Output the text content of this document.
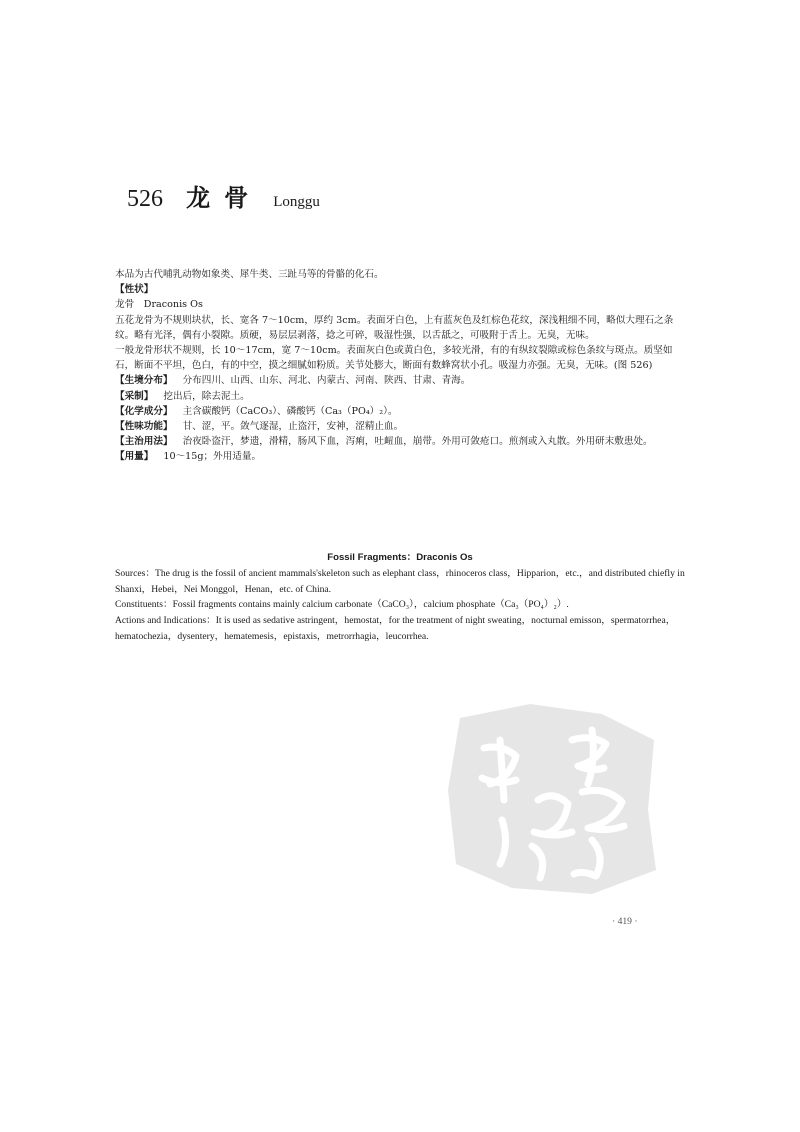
526 龙骨 Longgu

本品为古代哺乳动物如象类、犀牛类、三趾马等的骨骼的化石。

【性状】

龙骨　Draconis Os

五花龙骨为不规则块状，长、宽各 7～10cm，厚约 3cm。表面牙白色，上有蓝灰色及红棕色花纹，深浅粗细不同，略似大理石之条纹。略有光泽，偶有小裂隙。质硬，易层层剥落，捻之可碎，吸湿性强，以舌舐之，可吸附于舌上。无臭，无味。

一般龙骨形状不规则，长 10～17cm，宽 7～10cm。表面灰白色或黄白色，多较光滑，有的有纵纹裂隙或棕色条纹与斑点。质坚如石，断面不平坦，色白，有的中空，摸之细腻如粉质。关节处膨大，断面有数蜂窝状小孔。吸湿力亦强。无臭，无味。(图 526)

【生境分布】 分布四川、山西、山东、河北、内蒙古、河南、陕西、甘肃、青海。

【采制】 挖出后，除去泥土。

【化学成分】 主含碳酸钙（CaCO₃）、磷酸钙（Ca₃（PO₄）₂）。

【性味功能】 甘、涩，平。敛气逐湿，止盗汗，安神，涩精止血。

【主治用法】 治夜卧盗汗，梦遗，滑精，肠风下血，泻痢，吐衄血，崩带。外用可敛疮口。煎剂或入丸散。外用研末敷患处。

【用量】 10～15g；外用适量。

Fossil Fragments：Draconis Os

Sources：The drug is the fossil of ancient mammals'skeleton such as elephant class，rhinoceros class，Hipparion，etc.，and distributed chiefly in Shanxi，Hebei，Nei Monggol，Henan，etc. of China.

Constituents：Fossil fragments contains mainly calcium carbonate（CaCO₃），calcium phosphate（Ca₃（PO₄）₂）.

Actions and Indications：It is used as sedative astringent，hemostat，for the treatment of night sweating，nocturnal emisson，spermatorrhea，hematochezia，dysentery，hematemesis，epistaxis，metrorrhagia，leucorrhea.

· 419 ·
